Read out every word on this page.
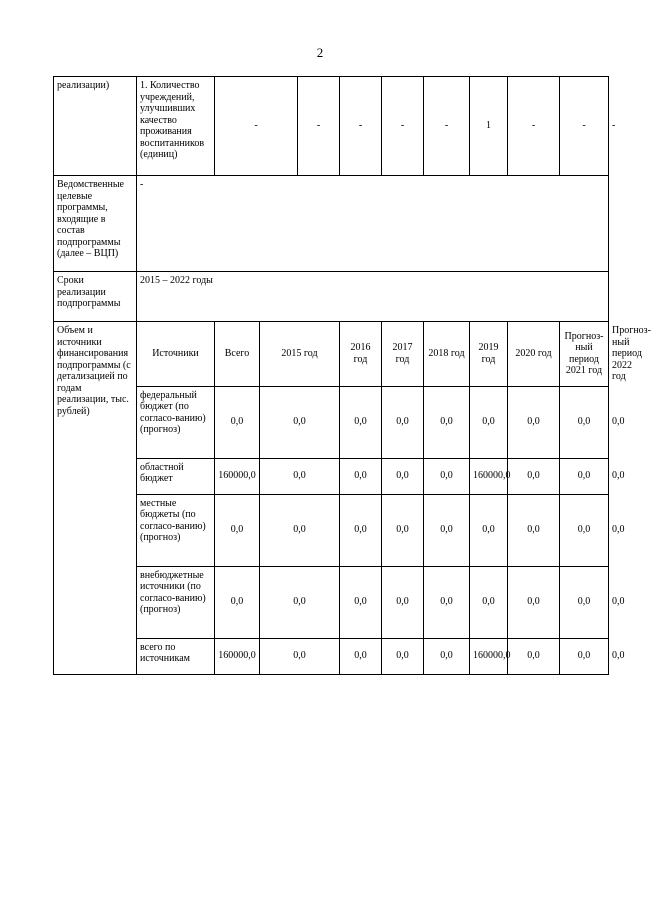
2
реализации)	1. Количество учреждений, улучшивших качество проживания воспитанников (единиц)	-		-	-	-	-	1	-	-	-
Ведомственные целевые программы, входящие в состав подпрограммы (далее – ВЦП)	-										
Сроки реализации подпрограммы	2015 – 2022 годы										
Объем и источники финансирования подпрограммы (с детализацией по годам реализации, тыс. рублей)	Источники	Всего	2015 год		2016 год	2017 год	2018 год	2019 год	2020 год	Прогноз-ный период 2021 год	Прогноз-ный период 2022 год
	федеральный бюджет (по согласо-ванию) (прогноз)	0,0	0,0		0,0	0,0	0,0	0,0	0,0	0,0	0,0
	областной бюджет	160000,0	0,0		0,0	0,0	0,0	160000,0	0,0	0,0	0,0
	местные бюджеты (по согласо-ванию) (прогноз)	0,0	0,0		0,0	0,0	0,0	0,0	0,0	0,0	0,0
	внебюджетные источники (по согласо-ванию) (прогноз)	0,0	0,0		0,0	0,0	0,0	0,0	0,0	0,0	0,0
	всего по источникам	160000,0	0,0		0,0	0,0	0,0	160000,0	0,0	0,0	0,0
